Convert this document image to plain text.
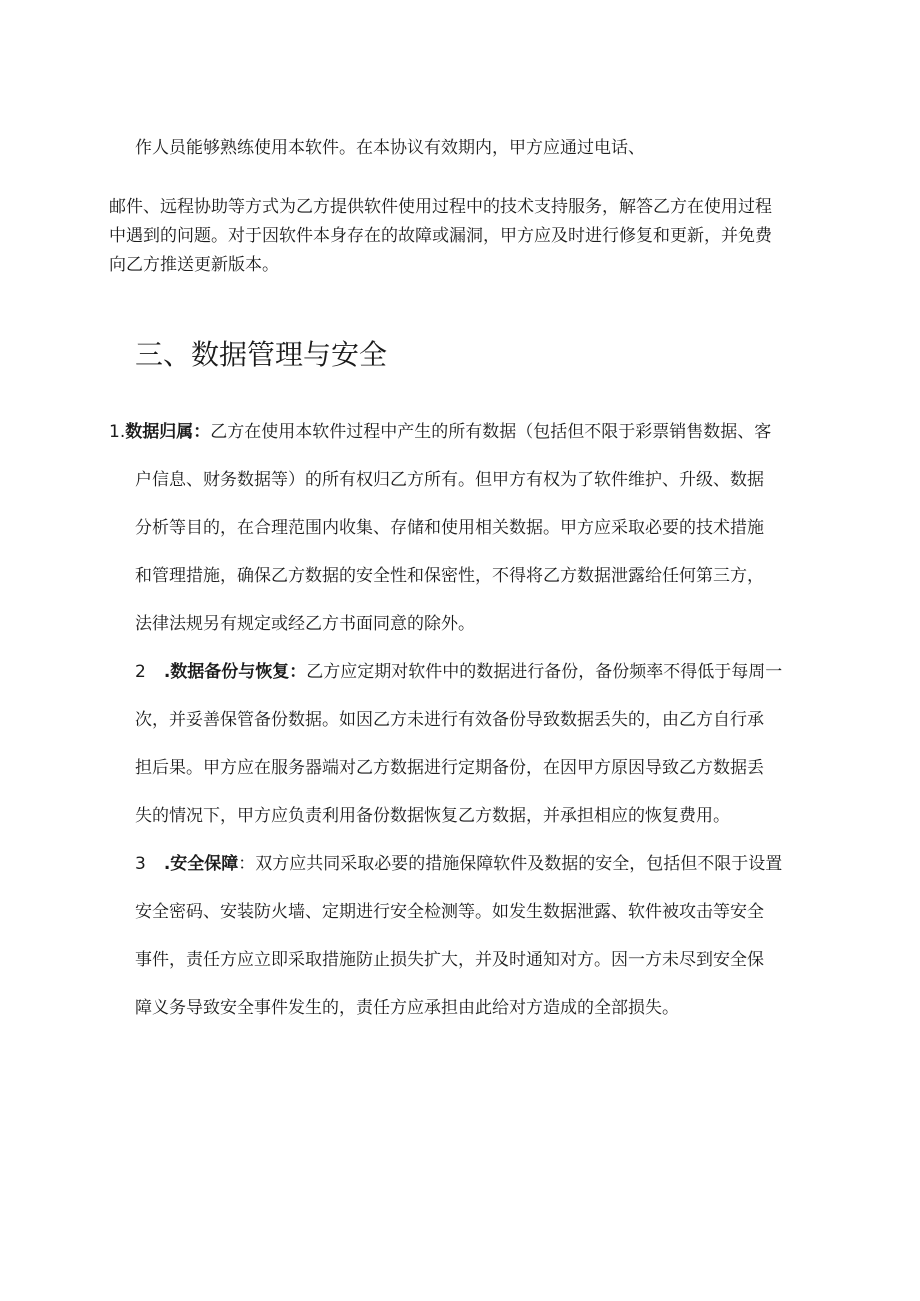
作人员能够熟练使用本软件。在本协议有效期内，甲方应通过电话、

邮件、远程协助等方式为乙方提供软件使用过程中的技术支持服务，解答乙方在使用过程
中遇到的问题。对于因软件本身存在的故障或漏洞，甲方应及时进行修复和更新，并免费
向乙方推送更新版本。

三、数据管理与安全
1.数据归属：乙方在使用本软件过程中产生的所有数据（包括但不限于彩票销售数据、客
户信息、财务数据等）的所有权归乙方所有。但甲方有权为了软件维护、升级、数据
分析等目的，在合理范围内收集、存储和使用相关数据。甲方应采取必要的技术措施
和管理措施，确保乙方数据的安全性和保密性，不得将乙方数据泄露给任何第三方，
法律法规另有规定或经乙方书面同意的除外。
2 .数据备份与恢复：乙方应定期对软件中的数据进行备份，备份频率不得低于每周一
次，并妥善保管备份数据。如因乙方未进行有效备份导致数据丢失的，由乙方自行承
担后果。甲方应在服务器端对乙方数据进行定期备份，在因甲方原因导致乙方数据丢
失的情况下，甲方应负责利用备份数据恢复乙方数据，并承担相应的恢复费用。
3 .安全保障：双方应共同采取必要的措施保障软件及数据的安全，包括但不限于设置
安全密码、安装防火墙、定期进行安全检测等。如发生数据泄露、软件被攻击等安全
事件，责任方应立即采取措施防止损失扩大，并及时通知对方。因一方未尽到安全保
障义务导致安全事件发生的，责任方应承担由此给对方造成的全部损失。
